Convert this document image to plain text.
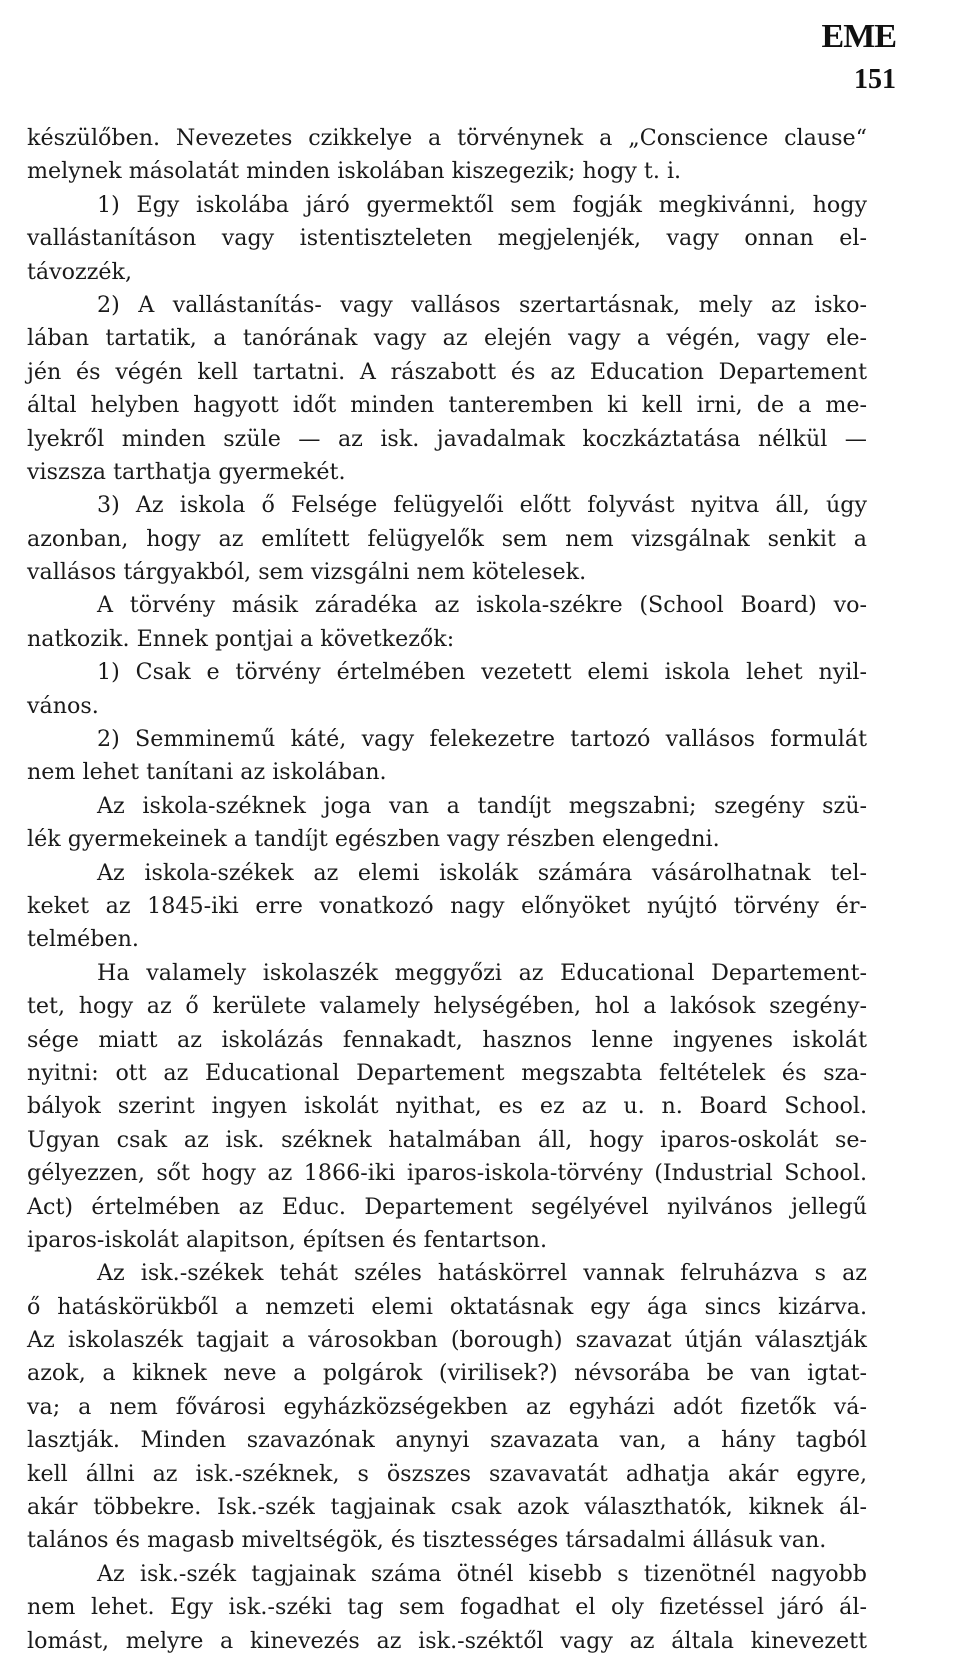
EME
151
készülőben. Nevezetes czikkelye a törvénynek a „Conscience clause“
melynek másolatát minden iskolában kiszegezik; hogy t. i.
1) Egy iskolába járó gyermektől sem fogják megkivánni, hogy
vallástanításon vagy istentiszteleten megjelenjék, vagy onnan el-
távozzék,
2) A vallástanítás- vagy vallásos szertartásnak, mely az isko-
lában tartatik, a tanórának vagy az elején vagy a végén, vagy ele-
jén és végén kell tartatni. A rászabott és az Education Departement
által helyben hagyott időt minden tanteremben ki kell irni, de a me-
lyekről minden szüle — az isk. javadalmak koczkáztatása nélkül —
viszsza tarthatja gyermekét.
3) Az iskola ő Felsége felügyelői előtt folyvást nyitva áll, úgy
azonban, hogy az említett felügyelők sem nem vizsgálnak senkit a
vallásos tárgyakból, sem vizsgálni nem kötelesek.
A törvény másik záradéka az iskola-székre (School Board) vo-
natkozik. Ennek pontjai a következők:
1) Csak e törvény értelmében vezetett elemi iskola lehet nyil-
vános.
2) Semminemű káté, vagy felekezetre tartozó vallásos formulát
nem lehet tanítani az iskolában.
Az iskola-széknek joga van a tandíjt megszabni; szegény szü-
lék gyermekeinek a tandíjt egészben vagy részben elengedni.
Az iskola-székek az elemi iskolák számára vásárolhatnak tel-
keket az 1845-iki erre vonatkozó nagy előnyöket nyújtó törvény ér-
telmében.
Ha valamely iskolaszék meggyőzi az Educational Departement-
tet, hogy az ő kerülete valamely helységében, hol a lakósok szegény-
sége miatt az iskolázás fennakadt, hasznos lenne ingyenes iskolát
nyitni: ott az Educational Departement megszabta feltételek és sza-
bályok szerint ingyen iskolát nyithat, es ez az u. n. Board School.
Ugyan csak az isk. széknek hatalmában áll, hogy iparos-oskolát se-
gélyezzen, sőt hogy az 1866-iki iparos-iskola-törvény (Industrial School.
Act) értelmében az Educ. Departement segélyével nyilvános jellegű
iparos-iskolát alapitson, építsen és fentartson.
Az isk.-székek tehát széles hatáskörrel vannak felruházva s az
ő hatáskörükből a nemzeti elemi oktatásnak egy ága sincs kizárva.
Az iskolaszék tagjait a városokban (borough) szavazat útján választják
azok, a kiknek neve a polgárok (virilisek?) névsorába be van igtat-
va; a nem fővárosi egyházközségekben az egyházi adót fizetők vá-
lasztják. Minden szavazónak anynyi szavazata van, a hány tagból
kell állni az isk.-széknek, s öszszes szavavatát adhatja akár egyre,
akár többekre. Isk.-szék tagjainak csak azok választhatók, kiknek ál-
talános és magasb miveltségök, és tisztességes társadalmi állásuk van.
Az isk.-szék tagjainak száma ötnél kisebb s tizenötnél nagyobb
nem lehet. Egy isk.-széki tag sem fogadhat el oly fizetéssel járó ál-
lomást, melyre a kinevezés az isk.-széktől vagy az általa kinevezett
